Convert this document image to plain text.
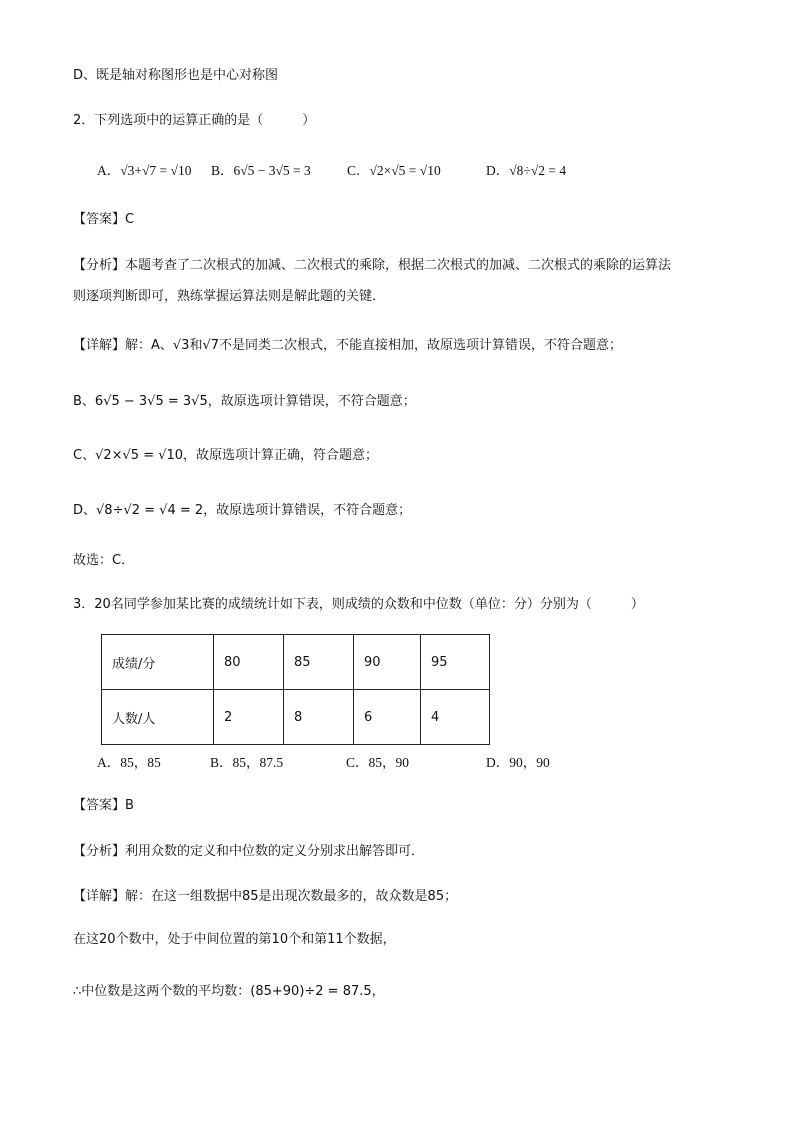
D、既是轴对称图形也是中心对称图
2．下列选项中的运算正确的是（　　　）
A．√3+√7 = √10 B．6√5 − 3√5 = 3	C．√2×√5 = √10	D．√8÷√2 = 4
【答案】C
【分析】本题考查了二次根式的加减、二次根式的乘除，根据二次根式的加减、二次根式的乘除的运算法
则逐项判断即可，熟练掌握运算法则是解此题的关键．
【详解】解：A、√3和√7不是同类二次根式，不能直接相加，故原选项计算错误，不符合题意；
B、6√5 − 3√5 = 3√5，故原选项计算错误，不符合题意；
C、√2×√5 = √10，故原选项计算正确，符合题意；
D、√8÷√2 = √4 = 2，故原选项计算错误，不符合题意；
故选：C．
3．20名同学参加某比赛的成绩统计如下表，则成绩的众数和中位数（单位：分）分别为（　　　）
成绩/分	80	85	90	95
人数/人	2	8	6	4
A．85，85	B．85，87.5	C．85，90	D．90，90
【答案】B
【分析】利用众数的定义和中位数的定义分别求出解答即可．
【详解】解：在这一组数据中85是出现次数最多的，故众数是85；
在这20个数中，处于中间位置的第10个和第11个数据，
∴中位数是这两个数的平均数：(85+90)÷2 = 87.5，
